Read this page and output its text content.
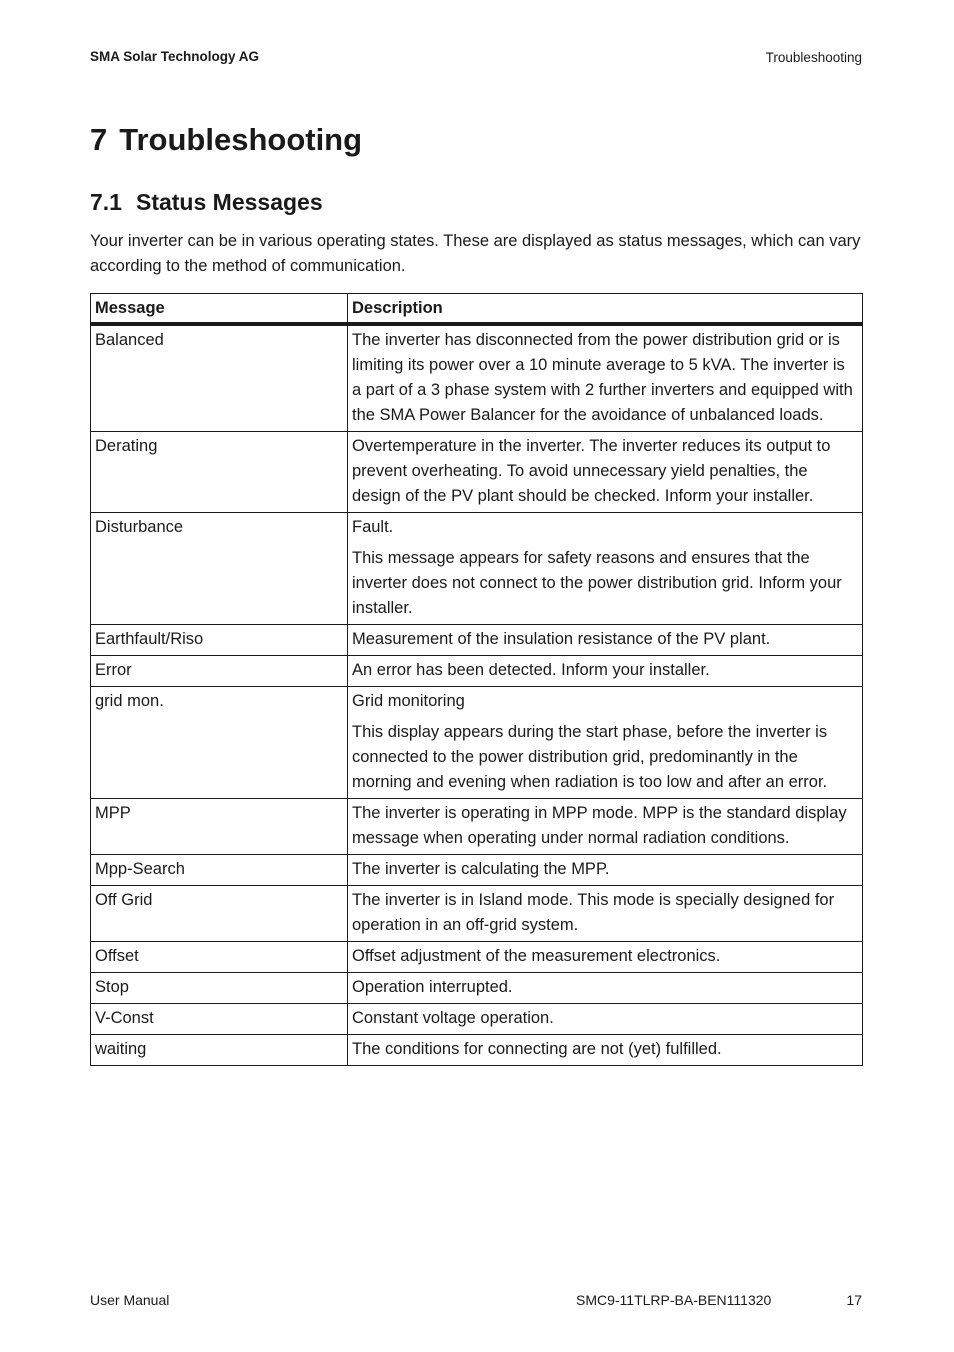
SMA Solar Technology AG	Troubleshooting
7 Troubleshooting
7.1 Status Messages

Your inverter can be in various operating states. These are displayed as status messages, which can vary according to the method of communication.

Message	Description
Balanced	The inverter has disconnected from the power distribution grid or is limiting its power over a 10 minute average to 5 kVA. The inverter is a part of a 3 phase system with 2 further inverters and equipped with the SMA Power Balancer for the avoidance of unbalanced loads.

Derating	Overtemperature in the inverter. The inverter reduces its output to prevent overheating. To avoid unnecessary yield penalties, the design of the PV plant should be checked. Inform your installer.

Disturbance	Fault.

This message appears for safety reasons and ensures that the inverter does not connect to the power distribution grid. Inform your installer.

Earthfault/Riso	Measurement of the insulation resistance of the PV plant.

Error	An error has been detected. Inform your installer.

grid mon.	Grid monitoring

This display appears during the start phase, before the inverter is connected to the power distribution grid, predominantly in the morning and evening when radiation is too low and after an error.

MPP	The inverter is operating in MPP mode. MPP is the standard display message when operating under normal radiation conditions.

Mpp-Search	The inverter is calculating the MPP.

Off Grid	The inverter is in Island mode. This mode is specially designed for operation in an off-grid system.

Offset	Offset adjustment of the measurement electronics.

Stop	Operation interrupted.

V-Const	Constant voltage operation.

waiting	The conditions for connecting are not (yet) fulfilled.

User Manual	SMC9-11TLRP-BA-BEN111320	17
